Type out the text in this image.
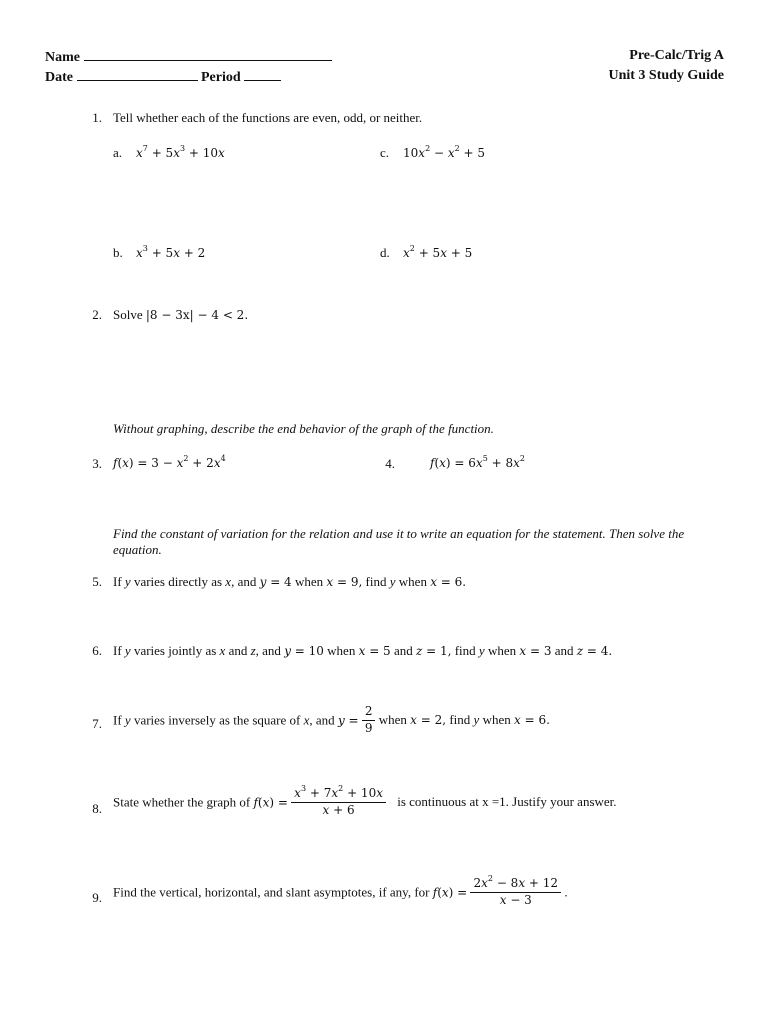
Name
Date	Period
Pre-Calc/Trig A
Unit 3 Study Guide
1. Tell whether each of the functions are even, odd, or neither.
a. $x^7 + 5x^3 + 10x$	c. $10x^2 - x^2 + 5$
b. $x^3 + 5x + 2$	d. $x^2 + 5x + 5$
2. Solve |8 − 3x| − 4 < 2.
Without graphing, describe the end behavior of the graph of the function.
3. $f(x) = 3 - x^2 + 2x^4$	4.	$f(x) = 6x^5 + 8x^2$
Find the constant of variation for the relation and use it to write an equation for the statement. Then solve the
equation.
5. If y varies directly as x, and y = 4 when x = 9, find y when x = 6.
6. If y varies jointly as x and z, and y = 10 when x = 5 and z = 1, find y when x = 3 and z = 4.
7. If y varies inversely as the square of x, and $y = \frac{2}{9}$ when x = 2, find y when x = 6.
8. State whether the graph of $f(x) = \frac{x^3 + 7x^2 + 10x}{x + 6}$ is continuous at x =1. Justify your answer.
9. Find the vertical, horizontal, and slant asymptotes, if any, for $f(x) = \frac{2x^2 - 8x + 12}{x - 3}$ .
